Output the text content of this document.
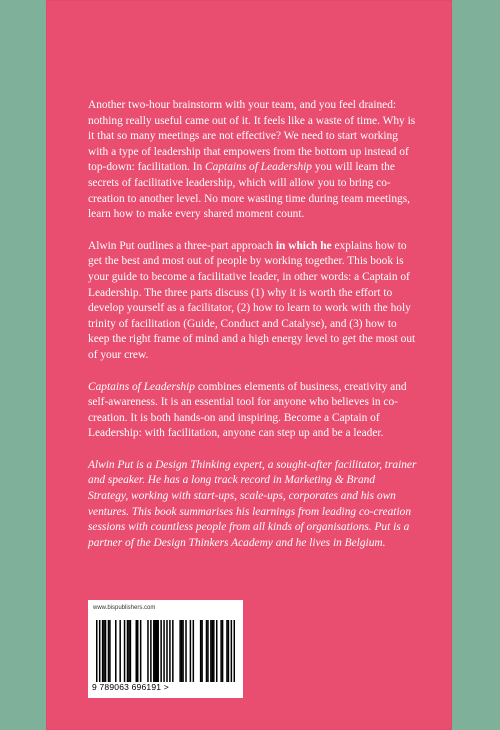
Another two-hour brainstorm with your team, and you feel drained: nothing really useful came out of it. It feels like a waste of time. Why is it that so many meetings are not effective? We need to start working with a type of leadership that empowers from the bottom up instead of top-down: facilitation. In Captains of Leadership you will learn the secrets of facilitative leadership, which will allow you to bring co-creation to another level. No more wasting time during team meetings, learn how to make every shared moment count.

Alwin Put outlines a three-part approach in which he explains how to get the best and most out of people by working together. This book is your guide to become a facilitative leader, in other words: a Captain of Leadership. The three parts discuss (1) why it is worth the effort to develop yourself as a facilitator, (2) how to learn to work with the holy trinity of facilitation (Guide, Conduct and Catalyse), and (3) how to keep the right frame of mind and a high energy level to get the most out of your crew.

Captains of Leadership combines elements of business, creativity and self-awareness. It is an essential tool for anyone who believes in co-creation. It is both hands-on and inspiring. Become a Captain of Leadership: with facilitation, anyone can step up and be a leader.

Alwin Put is a Design Thinking expert, a sought-after facilitator, trainer and speaker. He has a long track record in Marketing & Brand Strategy, working with start-ups, scale-ups, corporates and his own ventures. This book summarises his learnings from leading co-creation sessions with countless people from all kinds of organisations. Put is a partner of the Design Thinkers Academy and he lives in Belgium.

www.bispublishers.com
9 789063 696191 >
